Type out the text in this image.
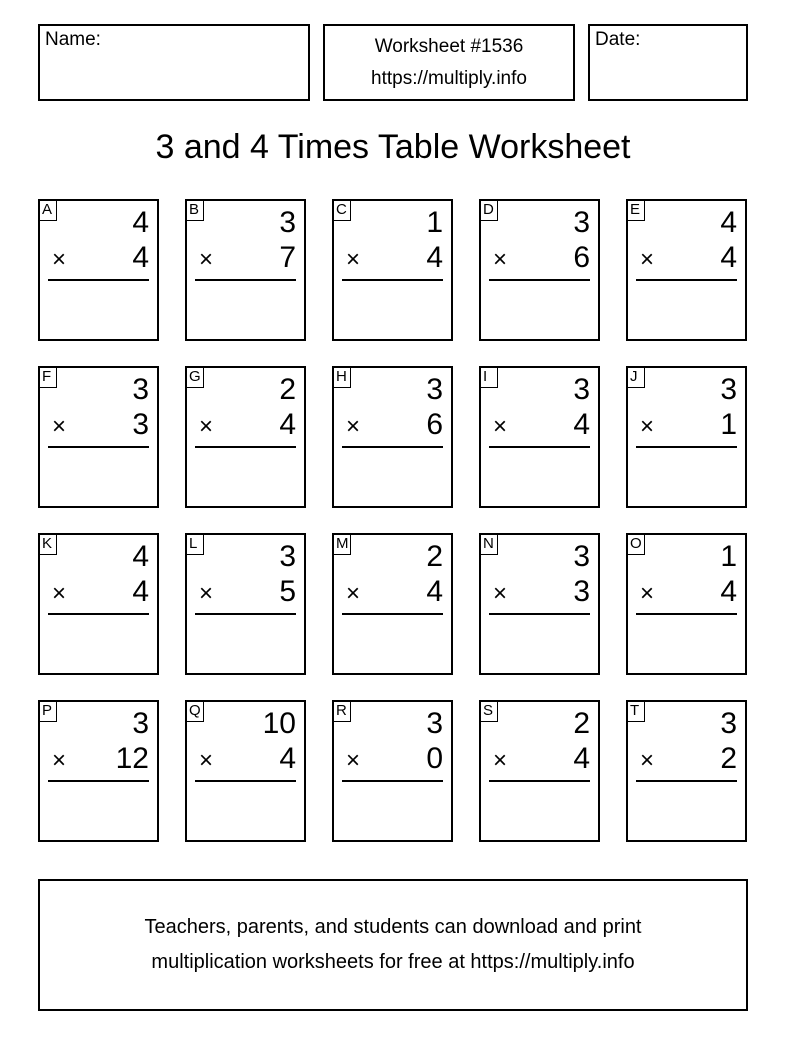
Name:	Worksheet #1536
https://multiply.info
Date:
3 and 4 Times Table Worksheet
A	4
× 4
B	3
× 7
C	1
× 4
D	3
× 6
E	4
× 4
F	3
× 3
G	2
× 4
H	3
× 6
I	3
× 4
J	3
× 1
K	4
× 4
L	3
× 5
M	2
× 4
N	3
× 3
O	1
× 4
P	3
× 12
Q 10
× 4
R	3
× 0
S	2
× 4
T	3
× 2
Teachers, parents, and students can download and print
multiplication worksheets for free at https://multiply.info
